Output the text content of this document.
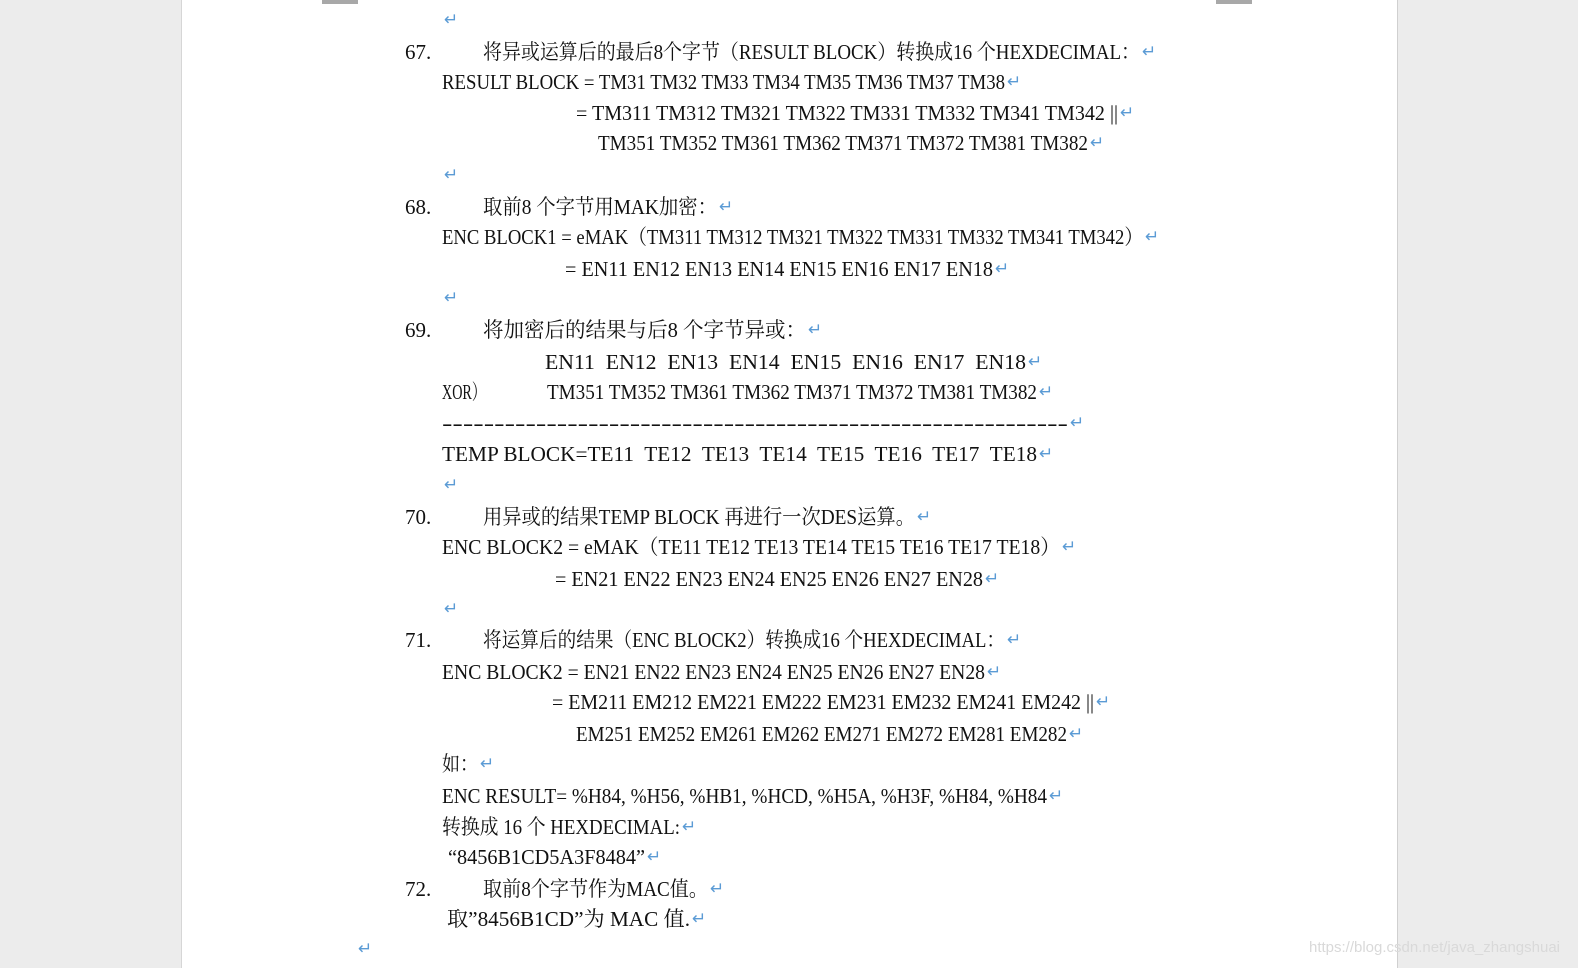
67.
68.
69.
70.
71.
72.
↵
↵
↵
↵
↵
↵
将异或运算后的最后8个字节（RESULT BLOCK）转换成16 个HEXDECIMAL： ↵
RESULT BLOCK = TM31 TM32 TM33 TM34 TM35 TM36 TM37 TM38 ↵
= TM311 TM312 TM321 TM322 TM331 TM332 TM341 TM342 || ↵
TM351 TM352 TM361 TM362 TM371 TM372 TM381 TM382 ↵
取前8 个字节用MAK加密： ↵
ENC BLOCK1 = eMAK（TM311 TM312 TM321 TM322 TM331 TM332 TM341 TM342） ↵
= EN11 EN12 EN13 EN14 EN15 EN16 EN17 EN18 ↵
将加密后的结果与后8 个字节异或： ↵
EN11  EN12  EN13  EN14  EN15  EN16  EN17  EN18 ↵
XOR）	TM351 TM352 TM361 TM362 TM371 TM372 TM381 TM382 ↵
------------------------------------------------------------ ↵
TEMP BLOCK=TE11  TE12  TE13  TE14  TE15  TE16  TE17  TE18 ↵
用异或的结果TEMP BLOCK 再进行一次DES运算。 ↵
ENC BLOCK2 = eMAK（TE11 TE12 TE13 TE14 TE15 TE16 TE17 TE18） ↵
= EN21 EN22 EN23 EN24 EN25 EN26 EN27 EN28 ↵
将运算后的结果（ENC BLOCK2）转换成16 个HEXDECIMAL： ↵
ENC BLOCK2 = EN21 EN22 EN23 EN24 EN25 EN26 EN27 EN28 ↵
= EM211 EM212 EM221 EM222 EM231 EM232 EM241 EM242 || ↵
EM251 EM252 EM261 EM262 EM271 EM272 EM281 EM282 ↵
如： ↵
ENC RESULT= %H84, %H56, %HB1, %HCD, %H5A, %H3F, %H84, %H84 ↵
转换成 16 个 HEXDECIMAL: ↵
“8456B1CD5A3F8484” ↵
取前8个字节作为MAC值。 ↵
取”8456B1CD”为 MAC 值. ↵
https://blog.csdn.net/java_zhangshuai
